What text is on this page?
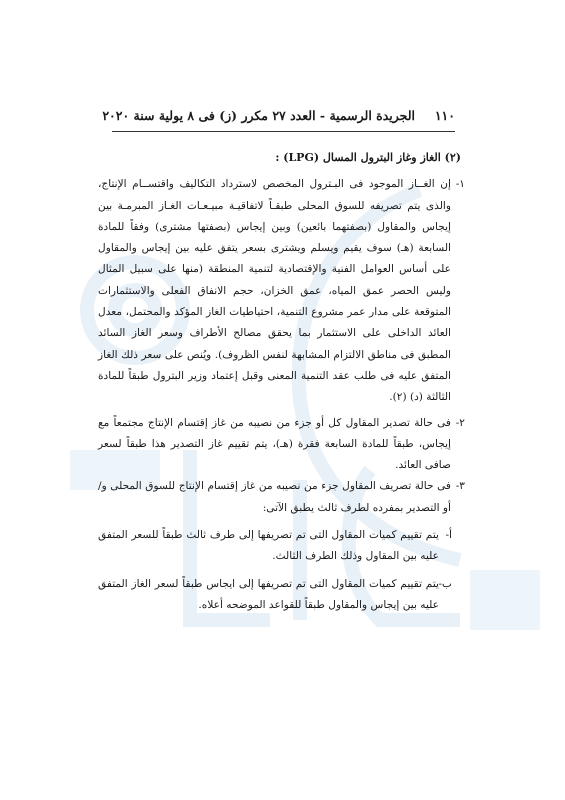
١١٠
الجريدة الرسمية - العدد ٢٧ مكرر (ز) فى ٨ يولية سنة ٢٠٢٠
(٢) الغاز وغاز البترول المسال (LPG) :
١-
إن الغــاز الموجود فى البـترول المخصص لاسترداد التكاليف واقتســام الإنتاج، والذى يتم تصريفه للسوق المحلى طبقـاً لاتفاقيـة مبيـعـات الغـاز المبرمـة بين إيجاس والمقاول (بصفتهما بائعين) وبين إيجاس (بصفتها مشترى) وفقاً للمادة السابعة (هـ) سوف يقيم ويسلم ويشترى بسعر يتفق عليه بين إيجاس والمقاول على أساس العوامل الفنية والإقتصادية لتنمية المنطقة (منها على سبيل المثال وليس الحصر عمق المياه، عمق الخزان، حجم الانفاق الفعلى والاستثمارات المتوقعة على مدار عمر مشروع التنمية، احتياطيات الغاز المؤكد والمحتمل، معدل العائد الداخلى على الاستثمار بما يحقق مصالح الأطراف وسعر الغاز السائد المطبق فى مناطق الالتزام المشابهة لنفس الظروف). ويُنص على سعر ذلك الغاز المتفق عليه فى طلب عقد التنمية المعنى وقبل إعتماد وزير البترول طبقاً للمادة الثالثة (د) (٢).
٢-
فى حالة تصدير المقاول كل أو جزء من نصيبه من غاز إقتسام الإنتاج مجتمعاً مع إيجاس، طبقاً للمادة السابعة فقرة (هـ)، يتم تقييم غاز التصدير هذا طبقاً لسعر صافى العائد.
٣-
فى حالة تصريف المقاول جزء من نصيبه من غاز إقتسام الإنتاج للسوق المحلى و/أو التصدير بمفرده لطرف ثالث يطبق الآتى:
أ-
يتم تقييم كميات المقاول التى تم تصريفها إلى طرف ثالث طبقاً للسعر المتفق عليه بين المقاول وذلك الطرف الثالث.
ب-
يتم تقييم كميات المقاول التى تم تصريفها إلى ايجاس طبقاً لسعر الغاز المتفق عليه بين إيجاس والمقاول طبقاً للقواعد الموضحه أعلاه.
